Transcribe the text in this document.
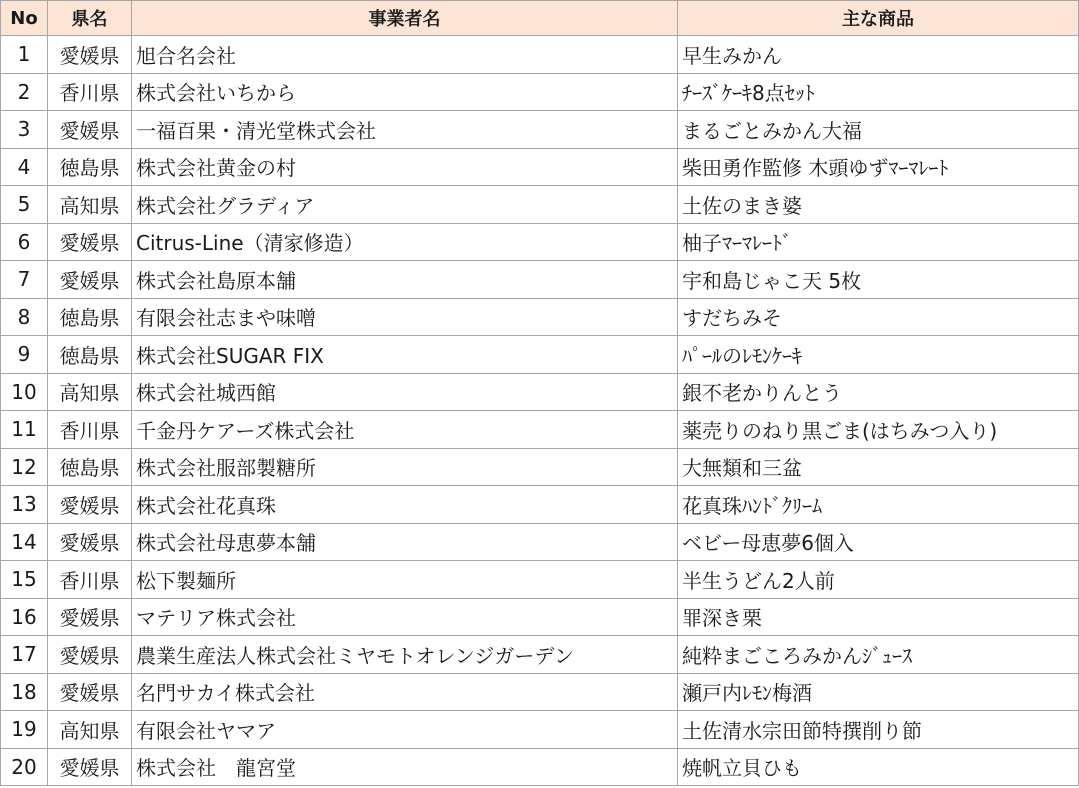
No	県名	事業者名	主な商品
1	愛媛県	旭合名会社	早生みかん
2	香川県	株式会社いちから	ﾁｰｽﾞｹｰｷ8点ｾｯﾄ
3	愛媛県	一福百果・清光堂株式会社	まるごとみかん大福
4	徳島県	株式会社黄金の村	柴田勇作監修 木頭ゆずﾏｰﾏﾚｰﾄ
5	高知県	株式会社グラディア	土佐のまき婆
6	愛媛県	Citrus-Line（清家修造）	柚子ﾏｰﾏﾚｰﾄﾞ
7	愛媛県	株式会社島原本舗	宇和島じゃこ天 5枚
8	徳島県	有限会社志まや味噌	すだちみそ
9	徳島県	株式会社SUGAR FIX	ﾊﾟｰﾙのﾚﾓﾝｹｰｷ
10	高知県	株式会社城西館	銀不老かりんとう
11	香川県	千金丹ケアーズ株式会社	薬売りのねり黒ごま(はちみつ入り)
12	徳島県	株式会社服部製糖所	大無類和三盆
13	愛媛県	株式会社花真珠	花真珠ﾊﾝﾄﾞｸﾘｰﾑ
14	愛媛県	株式会社母恵夢本舗	ベビー母恵夢6個入
15	香川県	松下製麺所	半生うどん2人前
16	愛媛県	マテリア株式会社	罪深き栗
17	愛媛県	農業生産法人株式会社ミヤモトオレンジガーデン	純粋まごころみかんｼﾞｭｰｽ
18	愛媛県	名門サカイ株式会社	瀬戸内ﾚﾓﾝ梅酒
19	高知県	有限会社ヤマア	土佐清水宗田節特撰削り節
20	愛媛県	株式会社　龍宮堂	焼帆立貝ひも
